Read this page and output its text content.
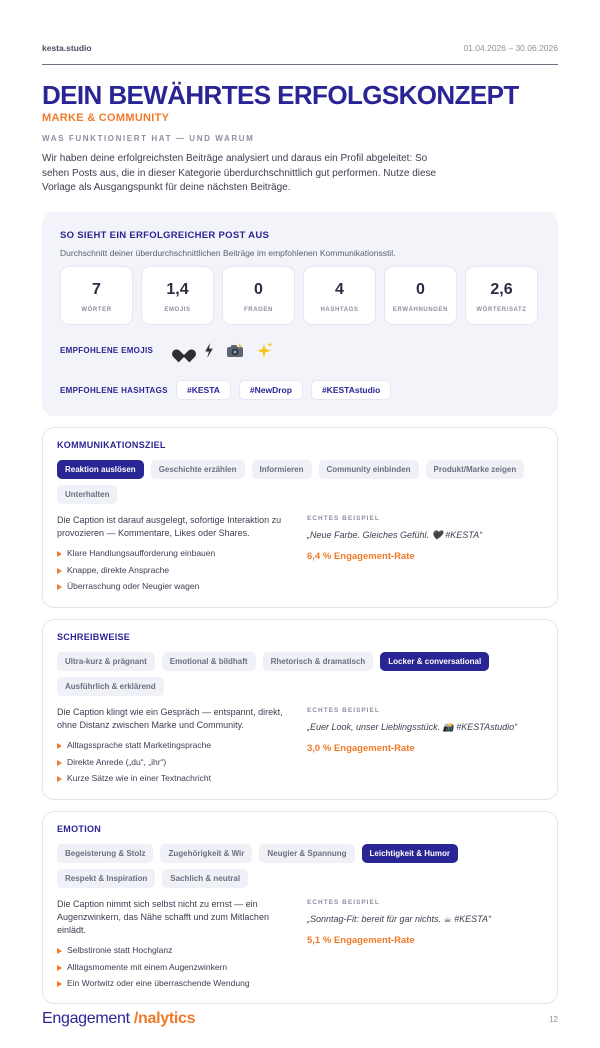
kesta.studio	01.04.2026 – 30.06.2026
DEIN BEWÄHRTES ERFOLGSKONZEPT
MARKE & COMMUNITY
WAS FUNKTIONIERT HAT — UND WARUM

Wir haben deine erfolgreichsten Beiträge analysiert und daraus ein Profil abgeleitet: So sehen Posts aus, die in dieser Kategorie überdurchschnittlich gut performen. Nutze diese Vorlage als Ausgangspunkt für deine nächsten Beiträge.

SO SIEHT EIN ERFOLGREICHER POST AUS
Durchschnitt deiner überdurchschnittlichen Beiträge im empfohlenen Kommunikationsstil.
7
WÖRTER
1,4
EMOJIS
0
FRAGEN
4
HASHTAGS
0
ERWÄHNUNGEN
2,6
WÖRTER/SATZ
EMPFOHLENE EMOJIS
EMPFOHLENE HASHTAGS	#KESTA	#NewDrop	#KESTAstudio
KOMMUNIKATIONSZIEL
Reaktion auslösen	Geschichte erzählen	Informieren	Community einbinden	Produkt/Marke zeigen
Unterhalten

Die Caption ist darauf ausgelegt, sofortige Interaktion zu provozieren — Kommentare, Likes oder Shares.

Klare Handlungsaufforderung einbauen
Knappe, direkte Ansprache
Überraschung oder Neugier wagen
ECHTES BEISPIEL
„Neue Farbe. Gleiches Gefühl. 🖤 #KESTA“
6,4 % Engagement-Rate
SCHREIBWEISE
Ultra-kurz & prägnant	Emotional & bildhaft	Rhetorisch & dramatisch	Locker & conversational
Ausführlich & erklärend

Die Caption klingt wie ein Gespräch — entspannt, direkt, ohne Distanz zwischen Marke und Community.

Alltagssprache statt Marketingsprache
Direkte Anrede („du“, „ihr“)
Kurze Sätze wie in einer Textnachricht
ECHTES BEISPIEL
„Euer Look, unser Lieblingsstück. 📸 #KESTAstudio“
3,0 % Engagement-Rate
EMOTION
Begeisterung & Stolz	Zugehörigkeit & Wir	Neugier & Spannung	Leichtigkeit & Humor
Respekt & Inspiration	Sachlich & neutral

Die Caption nimmt sich selbst nicht zu ernst — ein Augenzwinkern, das Nähe schafft und zum Mitlachen einlädt.

Selbstironie statt Hochglanz
Alltagsmomente mit einem Augenzwinkern
Ein Wortwitz oder eine überraschende Wendung
ECHTES BEISPIEL
„Sonntag-Fit: bereit für gar nichts. ☕ #KESTA“
5,1 % Engagement-Rate
Engagement /nalytics	12
